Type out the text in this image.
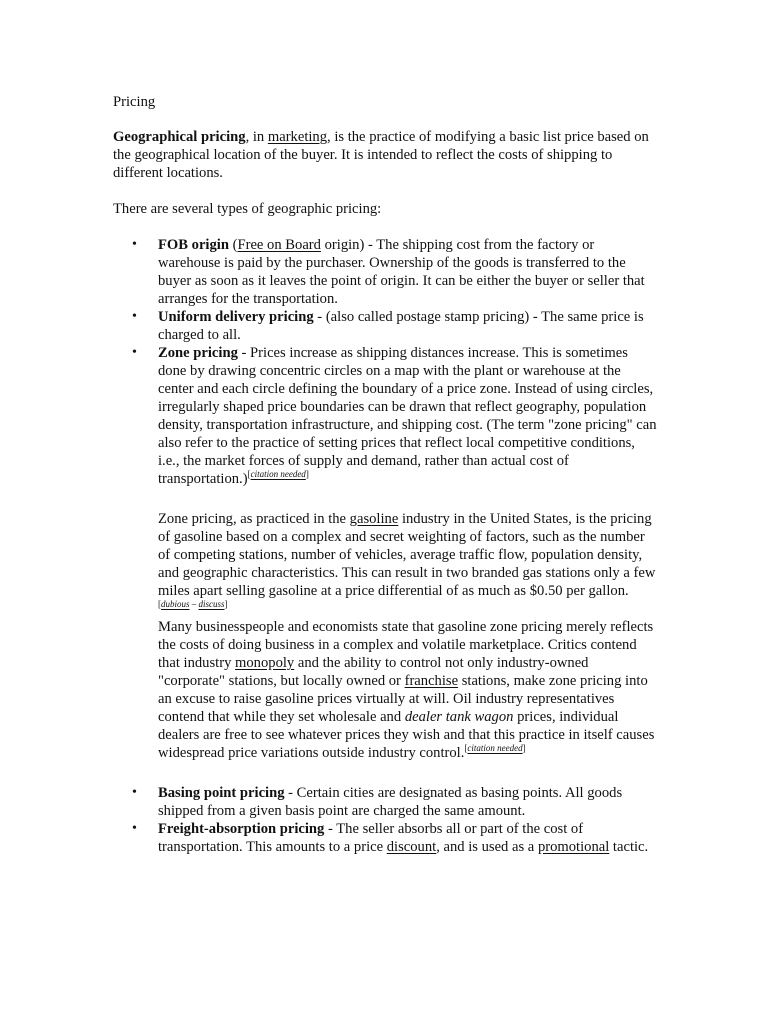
Pricing

Geographical pricing, in marketing, is the practice of modifying a basic list price based on the geographical location of the buyer. It is intended to reflect the costs of shipping to different locations.

There are several types of geographic pricing:

• FOB origin (Free on Board origin) - The shipping cost from the factory or warehouse is paid by the purchaser. Ownership of the goods is transferred to the buyer as soon as it leaves the point of origin. It can be either the buyer or seller that arranges for the transportation.
• Uniform delivery pricing - (also called postage stamp pricing) - The same price is charged to all.
• Zone pricing - Prices increase as shipping distances increase. This is sometimes done by drawing concentric circles on a map with the plant or warehouse at the center and each circle defining the boundary of a price zone. Instead of using circles, irregularly shaped price boundaries can be drawn that reflect geography, population density, transportation infrastructure, and shipping cost. (The term "zone pricing" can also refer to the practice of setting prices that reflect local competitive conditions, i.e., the market forces of supply and demand, rather than actual cost of transportation.)[citation needed]

Zone pricing, as practiced in the gasoline industry in the United States, is the pricing of gasoline based on a complex and secret weighting of factors, such as the number of competing stations, number of vehicles, average traffic flow, population density, and geographic characteristics. This can result in two branded gas stations only a few miles apart selling gasoline at a price differential of as much as $0.50 per gallon.[dubious – discuss]

Many businesspeople and economists state that gasoline zone pricing merely reflects the costs of doing business in a complex and volatile marketplace. Critics contend that industry monopoly and the ability to control not only industry-owned "corporate" stations, but locally owned or franchise stations, make zone pricing into an excuse to raise gasoline prices virtually at will. Oil industry representatives contend that while they set wholesale and dealer tank wagon prices, individual dealers are free to see whatever prices they wish and that this practice in itself causes widespread price variations outside industry control.[citation needed]

• Basing point pricing - Certain cities are designated as basing points. All goods shipped from a given basis point are charged the same amount.
• Freight-absorption pricing - The seller absorbs all or part of the cost of transportation. This amounts to a price discount, and is used as a promotional tactic.
